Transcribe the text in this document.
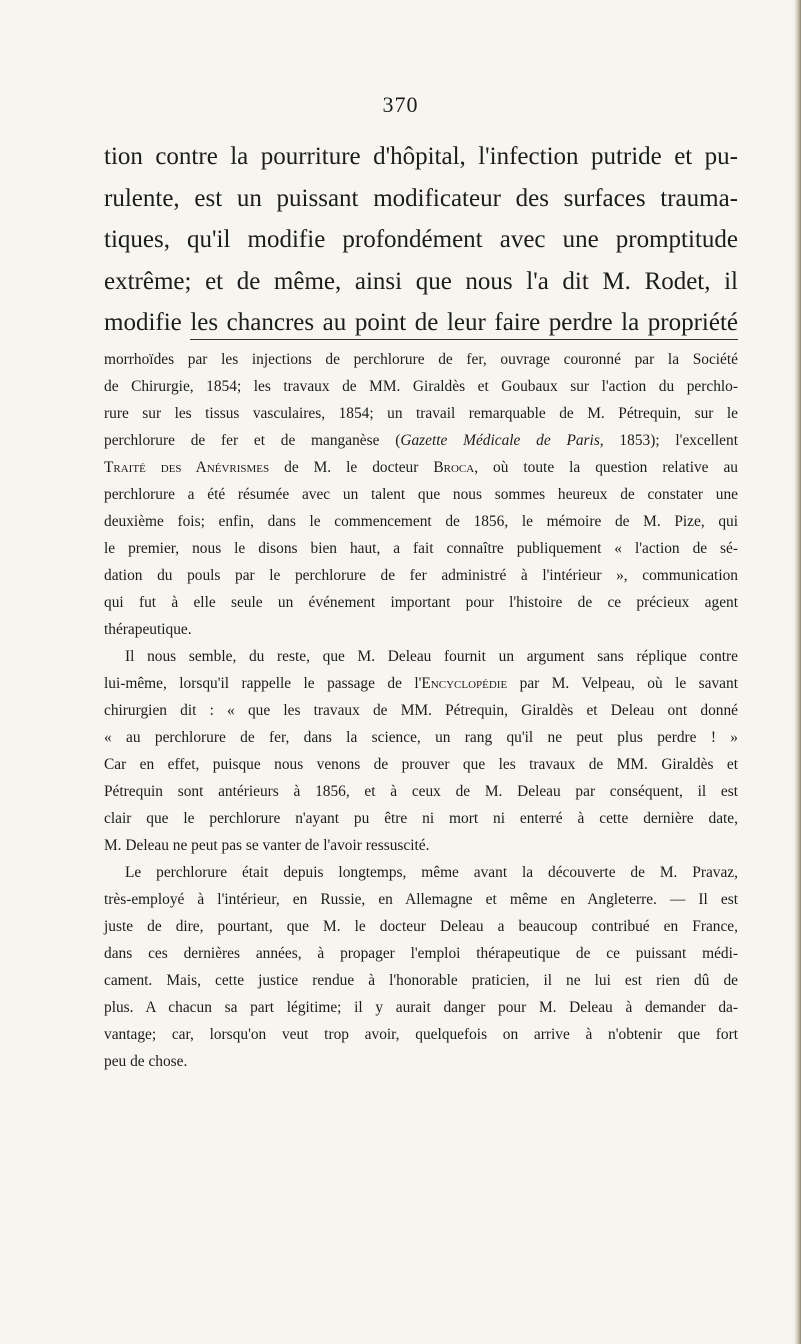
370
tion contre la pourriture d'hôpital, l'infection putride et pu-
rulente, est un puissant modificateur des surfaces trauma-
tiques, qu'il modifie profondément avec une promptitude
extrême; et de même, ainsi que nous l'a dit M. Rodet, il
modifie les chancres au point de leur faire perdre la propriété
morrhoïdes par les injections de perchlorure de fer, ouvrage couronné par la Société
de Chirurgie, 1854; les travaux de MM. Giraldès et Goubaux sur l'action du perchlo-
rure sur les tissus vasculaires, 1854; un travail remarquable de M. Pétrequin, sur le
perchlorure de fer et de manganèse (Gazette Médicale de Paris, 1853); l'excellent
Traité des Anévrismes de M. le docteur Broca, où toute la question relative au
perchlorure a été résumée avec un talent que nous sommes heureux de constater une
deuxième fois; enfin, dans le commencement de 1856, le mémoire de M. Pize, qui
le premier, nous le disons bien haut, a fait connaître publiquement « l'action de sé-
dation du pouls par le perchlorure de fer administré à l'intérieur », communication
qui fut à elle seule un événement important pour l'histoire de ce précieux agent
thérapeutique.
Il nous semble, du reste, que M. Deleau fournit un argument sans réplique contre
lui-même, lorsqu'il rappelle le passage de l'Encyclopédie par M. Velpeau, où le savant
chirurgien dit : « que les travaux de MM. Pétrequin, Giraldès et Deleau ont donné
« au perchlorure de fer, dans la science, un rang qu'il ne peut plus perdre ! »
Car en effet, puisque nous venons de prouver que les travaux de MM. Giraldès et
Pétrequin sont antérieurs à 1856, et à ceux de M. Deleau par conséquent, il est
clair que le perchlorure n'ayant pu être ni mort ni enterré à cette dernière date,
M. Deleau ne peut pas se vanter de l'avoir ressuscité.
Le perchlorure était depuis longtemps, même avant la découverte de M. Pravaz,
très-employé à l'intérieur, en Russie, en Allemagne et même en Angleterre. — Il est
juste de dire, pourtant, que M. le docteur Deleau a beaucoup contribué en France,
dans ces dernières années, à propager l'emploi thérapeutique de ce puissant médi-
cament. Mais, cette justice rendue à l'honorable praticien, il ne lui est rien dû de
plus. A chacun sa part légitime; il y aurait danger pour M. Deleau à demander da-
vantage; car, lorsqu'on veut trop avoir, quelquefois on arrive à n'obtenir que fort
peu de chose.
